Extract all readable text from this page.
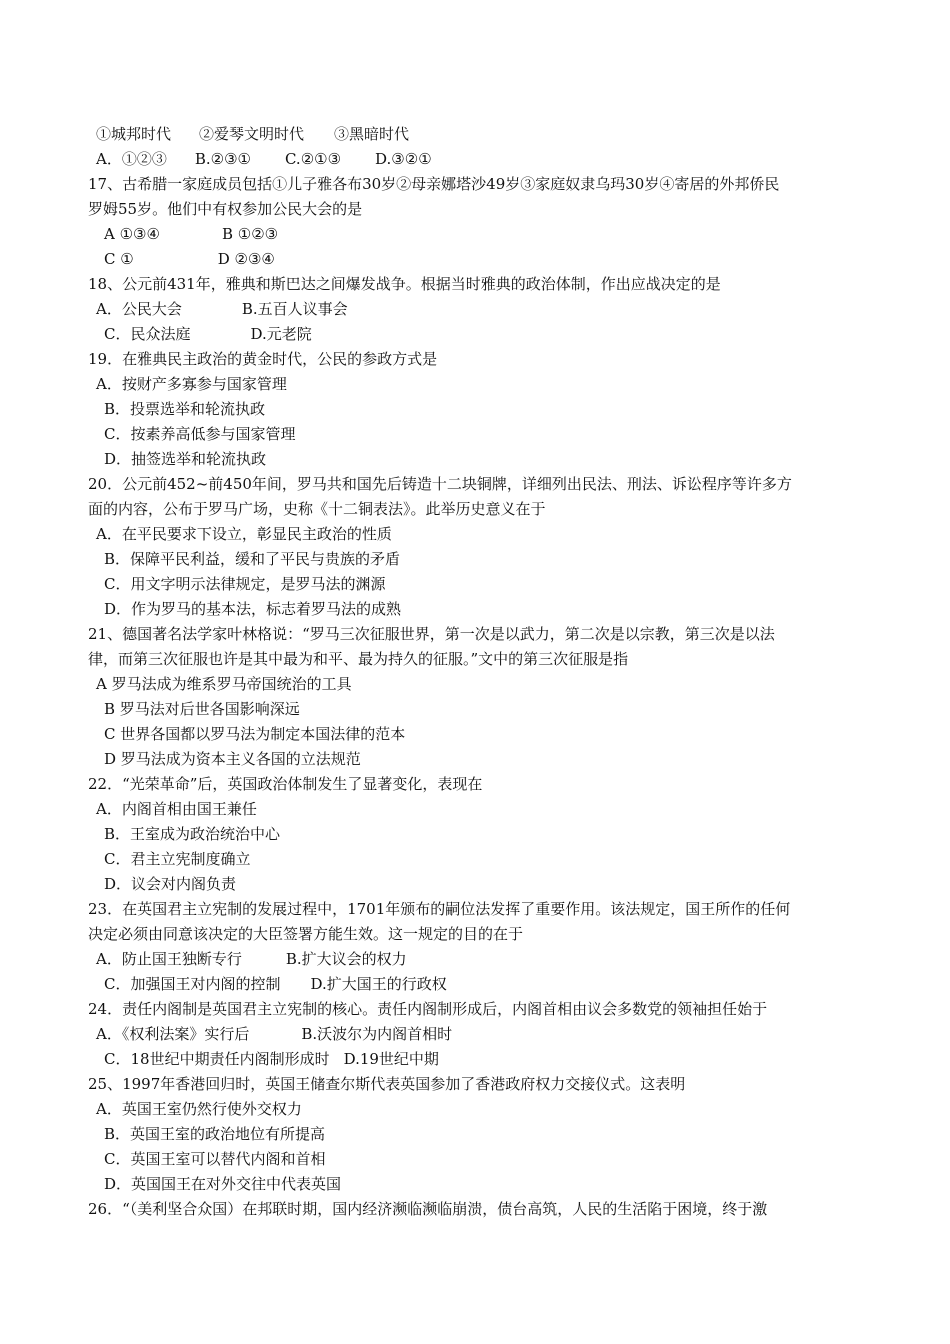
①城邦时代 ②爱琴文明时代 ③黑暗时代
A．①②③ B.②③① C.②①③ D.③②①
17、古希腊一家庭成员包括①儿子雅各布30岁②母亲娜塔沙49岁③家庭奴隶乌玛30岁④寄居的外邦侨民
罗姆55岁。他们中有权参加公民大会的是
A ①③④	B ①②③
C ①	D ②③④
18、公元前431年，雅典和斯巴达之间爆发战争。根据当时雅典的政治体制，作出应战决定的是
A．公民大会	B.五百人议事会
C．民众法庭	D.元老院
19．在雅典民主政治的黄金时代，公民的参政方式是
A．按财产多寡参与国家管理
B．投票选举和轮流执政
C．按素养高低参与国家管理
D．抽签选举和轮流执政
20．公元前452~前450年间，罗马共和国先后铸造十二块铜牌，详细列出民法、刑法、诉讼程序等许多方
面的内容，公布于罗马广场，史称《十二铜表法》。此举历史意义在于
A．在平民要求下设立，彰显民主政治的性质
B．保障平民利益，缓和了平民与贵族的矛盾
C．用文字明示法律规定，是罗马法的渊源
D．作为罗马的基本法，标志着罗马法的成熟
21、德国著名法学家叶林格说：“罗马三次征服世界，第一次是以武力，第二次是以宗教，第三次是以法
律，而第三次征服也许是其中最为和平、最为持久的征服。”文中的第三次征服是指
A 罗马法成为维系罗马帝国统治的工具
B 罗马法对后世各国影响深远
C 世界各国都以罗马法为制定本国法律的范本
D 罗马法成为资本主义各国的立法规范
22．“光荣革命”后，英国政治体制发生了显著变化，表现在
A．内阁首相由国王兼任
B．王室成为政治统治中心
C．君主立宪制度确立
D．议会对内阁负责
23．在英国君主立宪制的发展过程中，1701年颁布的嗣位法发挥了重要作用。该法规定，国王所作的任何
决定必须由同意该决定的大臣签署方能生效。这一规定的目的在于
A．防止国王独断专行	B.扩大议会的权力
C．加强国王对内阁的控制 D.扩大国王的行政权
24．责任内阁制是英国君主立宪制的核心。责任内阁制形成后，内阁首相由议会多数党的领袖担任始于
A．《权利法案》实行后	B.沃波尔为内阁首相时
C．18世纪中期责任内阁制形成时 D.19世纪中期
25、1997年香港回归时，英国王储查尔斯代表英国参加了香港政府权力交接仪式。这表明
A．英国王室仍然行使外交权力
B．英国王室的政治地位有所提高
C．英国王室可以替代内阁和首相
D．英国国王在对外交往中代表英国
26．“（美利坚合众国）在邦联时期，国内经济濒临濒临崩溃，债台高筑，人民的生活陷于困境，终于激
